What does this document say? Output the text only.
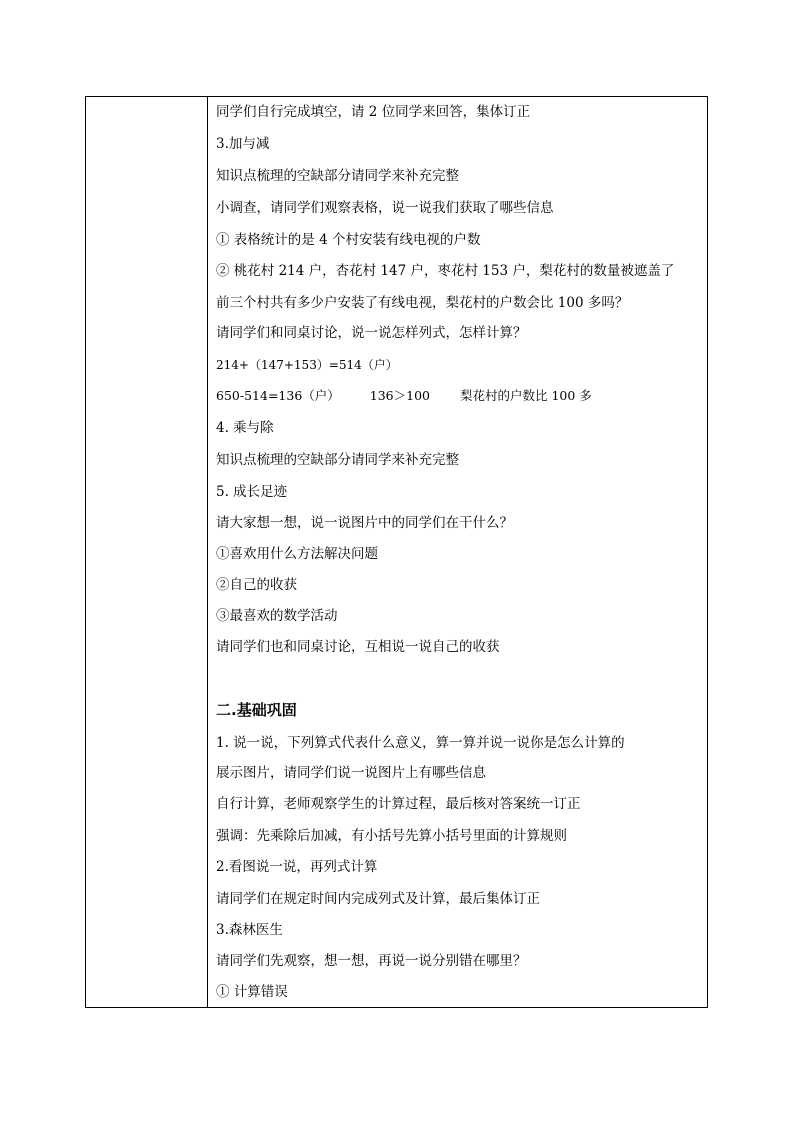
同学们自行完成填空，请 2 位同学来回答，集体订正
3.加与减
知识点梳理的空缺部分请同学来补充完整
小调查，请同学们观察表格，说一说我们获取了哪些信息
① 表格统计的是 4 个村安装有线电视的户数
② 桃花村 214 户，杏花村 147 户，枣花村 153 户，梨花村的数量被遮盖了
前三个村共有多少户安装了有线电视，梨花村的户数会比 100 多吗？
请同学们和同桌讨论，说一说怎样列式，怎样计算？
214+（147+153）=514（户）
650-514=136（户） 136＞100 梨花村的户数比 100 多
4. 乘与除
知识点梳理的空缺部分请同学来补充完整
5. 成长足迹
请大家想一想，说一说图片中的同学们在干什么？
①喜欢用什么方法解决问题
②自己的收获
③最喜欢的数学活动
请同学们也和同桌讨论，互相说一说自己的收获
二.基础巩固
1. 说一说，下列算式代表什么意义，算一算并说一说你是怎么计算的
展示图片，请同学们说一说图片上有哪些信息
自行计算，老师观察学生的计算过程，最后核对答案统一订正
强调：先乘除后加减，有小括号先算小括号里面的计算规则
2.看图说一说，再列式计算
请同学们在规定时间内完成列式及计算，最后集体订正
3.森林医生
请同学们先观察，想一想，再说一说分别错在哪里？
① 计算错误
